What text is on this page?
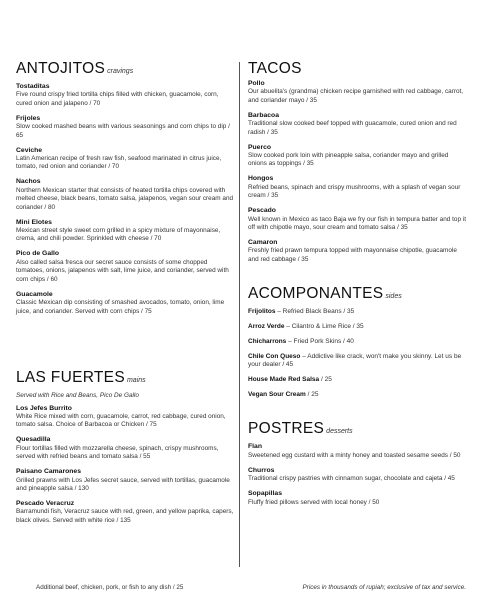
ANTOJITOS cravings
Tostaditas
Five round crispy fried tortilla chips filled with chicken, guacamole, corn, cured onion and jalapeno / 70
Frijoles
Slow cooked mashed beans with various seasonings and corn chips to dip / 65
Ceviche
Latin American recipe of fresh raw fish, seafood marinated in citrus juice, tomato, red onion and coriander / 70
Nachos
Northern Mexican starter that consists of heated tortilla chips covered with melted cheese, black beans, tomato salsa, jalapenos, vegan sour cream and coriander / 80
Mini Elotes
Mexican street style sweet corn grilled in a spicy mixture of mayonnaise, crema, and chili powder. Sprinkled with cheese / 70
Pico de Gallo
Also called salsa fresca our secret sauce consists of some chopped tomatoes, onions, jalapenos with salt, lime juice, and coriander, served with corn chips / 60
Guacamole
Classic Mexican dip consisting of smashed avocados, tomato, onion, lime juice, and coriander. Served with corn chips / 75
LAS FUERTES mains
Served with Rice and Beans, Pico De Gallo
Los Jefes Burrito
White Rice mixed with corn, guacamole, carrot, red cabbage, cured onion, tomato salsa. Choice of Barbacoa or Chicken / 75
Quesadilla
Flour tortillas filled with mozzarella cheese, spinach, crispy mushrooms, served with refried beans and tomato salsa / 55
Paisano Camarones
Grilled prawns with Los Jefes secret sauce, served with tortillas, guacamole and pineapple salsa / 130
Pescado Veracruz
Barramundi fish, Veracruz sauce with red, green, and yellow paprika, capers, black olives. Served with white rice / 135
TACOS
Pollo
Our abuelita's (grandma) chicken recipe garnished with red cabbage, carrot, and coriander mayo / 35
Barbacoa
Traditional slow cooked beef topped with guacamole, cured onion and red radish / 35
Puerco
Slow cooked pork loin with pineapple salsa, coriander mayo and grilled onions as toppings / 35
Hongos
Refried beans, spinach and crispy mushrooms, with a splash of vegan sour cream / 35
Pescado
Well known in Mexico as taco Baja we fry our fish in tempura batter and top it off with chipotle mayo, sour cream and tomato salsa / 35
Camaron
Freshly fried prawn tempura topped with mayonnaise chipotle, guacamole and red cabbage / 35
ACOMPONANTES sides
Frijolitos – Refried Black Beans / 35
Arroz Verde – Cilantro & Lime Rice / 35
Chicharrons – Fried Pork Skins / 40
Chile Con Queso – Addictive like crack, won't make you skinny. Let us be your dealer / 45
House Made Red Salsa / 25
Vegan Sour Cream / 25
POSTRES desserts
Flan
Sweetened egg custard with a minty honey and toasted sesame seeds / 50
Churros
Traditional crispy pastries with cinnamon sugar, chocolate and cajeta / 45
Sopapillas
Fluffy fried pillows served with local honey / 50
Additional beef, chicken, pork, or fish to any dish / 25	Prices in thousands of rupiah; exclusive of tax and service.
